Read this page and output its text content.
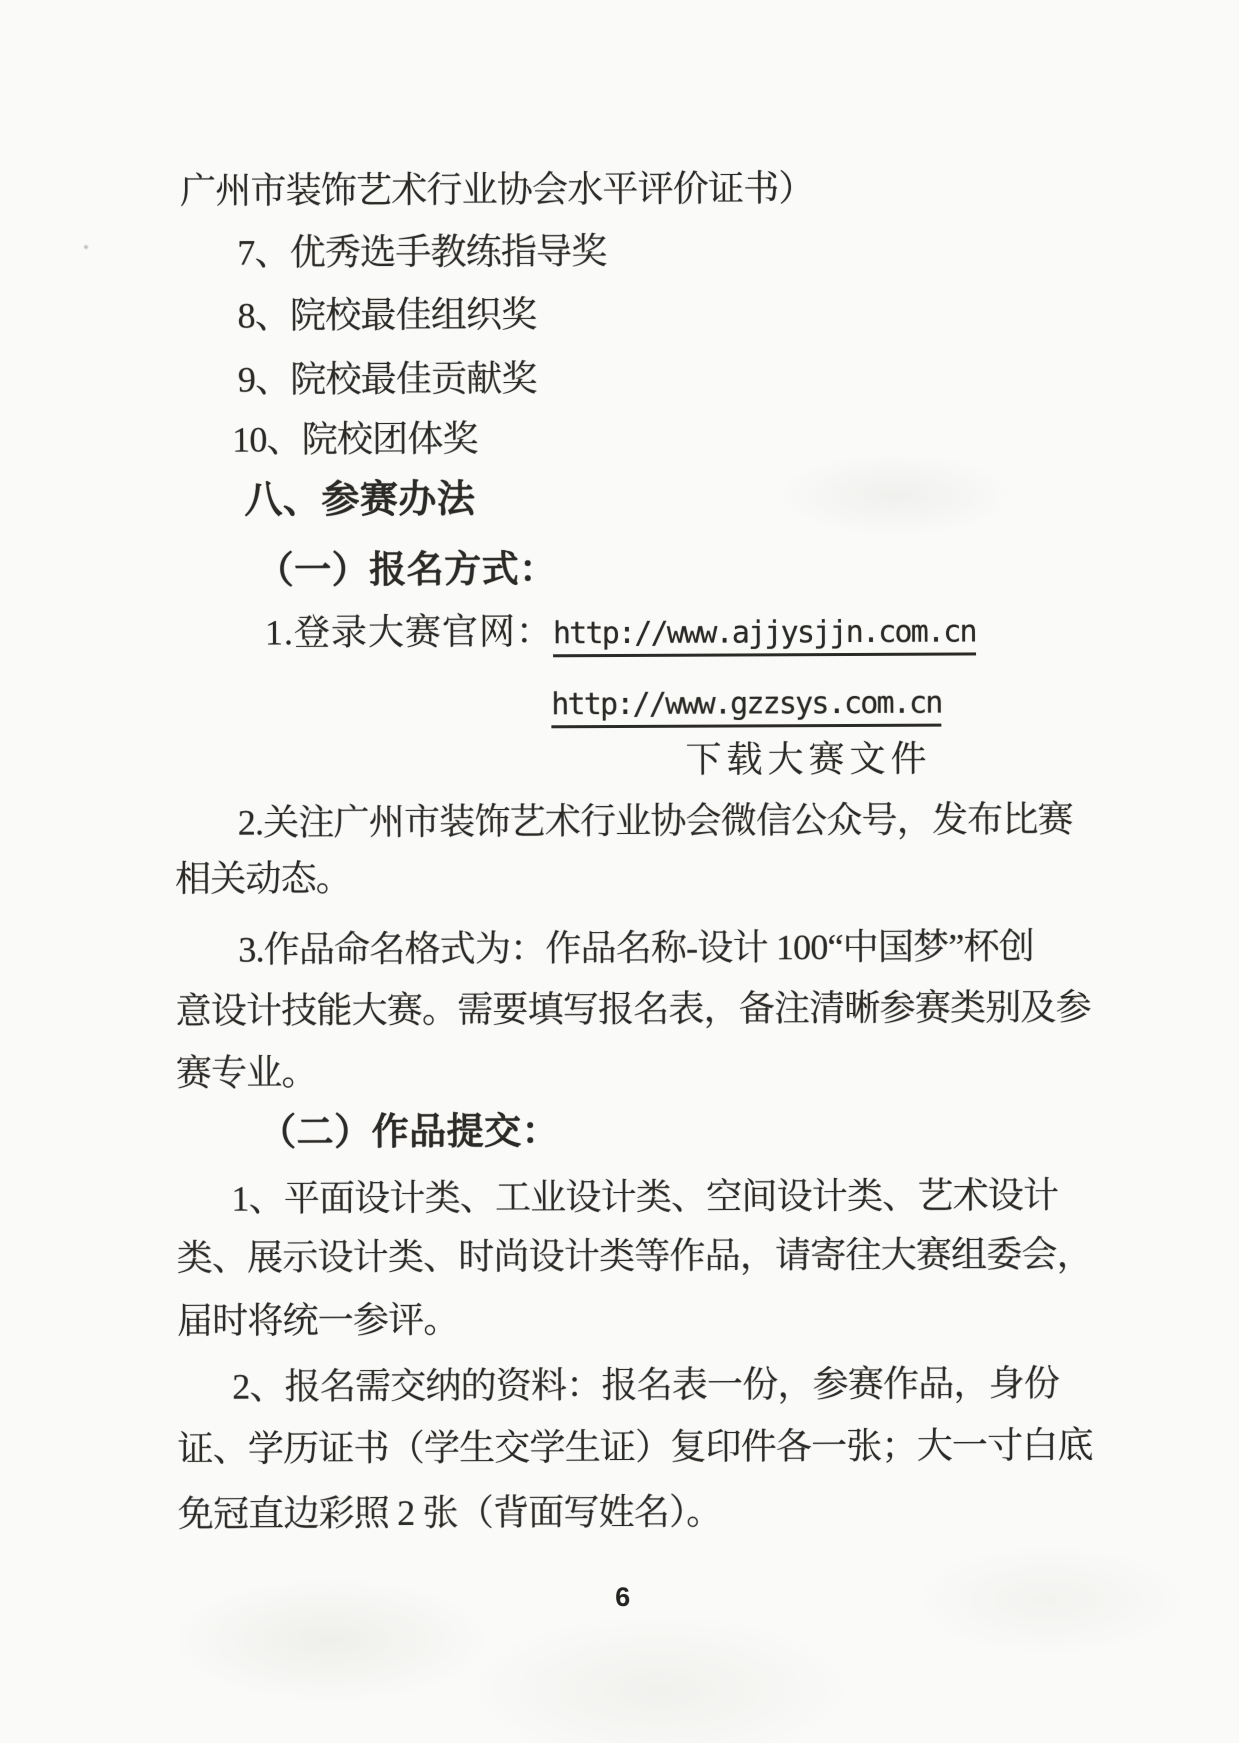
广州市装饰艺术行业协会水平评价证书）
7、优秀选手教练指导奖
8、院校最佳组织奖
9、院校最佳贡献奖
10、院校团体奖
八、参赛办法
（一）报名方式：
1.登录大赛官网：http://www.ajjysjjn.com.cn
http://www.gzzsys.com.cn
下载大赛文件
2.关注广州市装饰艺术行业协会微信公众号，发布比赛
相关动态。
3.作品命名格式为：作品名称-设计 100“中国梦”杯创
意设计技能大赛。需要填写报名表，备注清晰参赛类别及参
赛专业。
（二）作品提交：
1、平面设计类、工业设计类、空间设计类、艺术设计
类、展示设计类、时尚设计类等作品，请寄往大赛组委会，
届时将统一参评。
2、报名需交纳的资料：报名表一份，参赛作品，身份
证、学历证书（学生交学生证）复印件各一张；大一寸白底
免冠直边彩照 2 张（背面写姓名）。
6
